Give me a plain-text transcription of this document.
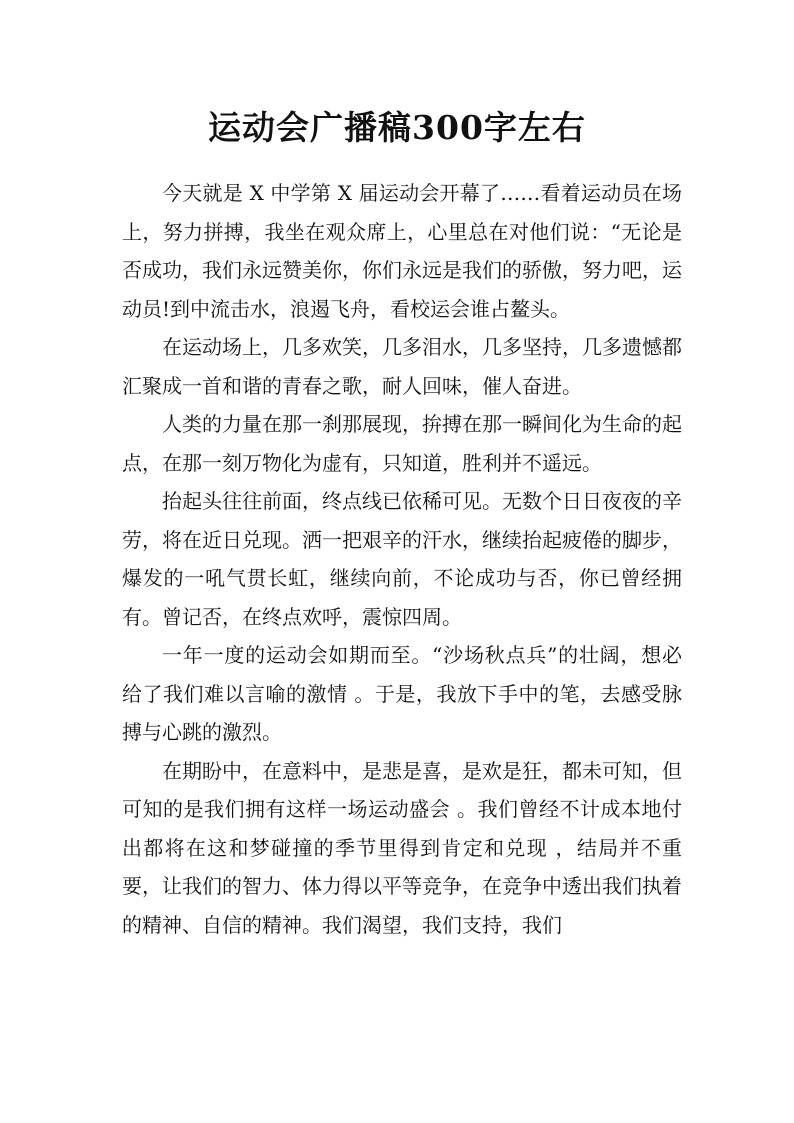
运动会广播稿300字左右

今天就是 X 中学第 X 届运动会开幕了……看着运动员在场上，努力拼搏，我坐在观众席上，心里总在对他们说：“无论是否成功，我们永远赞美你，你们永远是我们的骄傲，努力吧，运动员!到中流击水，浪遏飞舟，看校运会谁占鳌头。

在运动场上，几多欢笑，几多泪水，几多坚持，几多遗憾都汇聚成一首和谐的青春之歌，耐人回味，催人奋进。

人类的力量在那一刹那展现，拚搏在那一瞬间化为生命的起点，在那一刻万物化为虚有，只知道，胜利并不遥远。

抬起头往往前面，终点线已依稀可见。无数个日日夜夜的辛劳，将在近日兑现。洒一把艰辛的汗水，继续抬起疲倦的脚步，爆发的一吼气贯长虹，继续向前，不论成功与否，你已曾经拥有。曾记否，在终点欢呼，震惊四周。

一年一度的运动会如期而至。“沙场秋点兵”的壮阔，想必给了我们难以言喻的激情 。于是，我放下手中的笔，去感受脉搏与心跳的激烈。

在期盼中，在意料中，是悲是喜，是欢是狂，都未可知，但可知的是我们拥有这样一场运动盛会 。我们曾经不计成本地付出都将在这和梦碰撞的季节里得到肯定和兑现 ，结局并不重要，让我们的智力、体力得以平等竞争，在竞争中透出我们执着的精神、自信的精神。我们渴望，我们支持，我们
